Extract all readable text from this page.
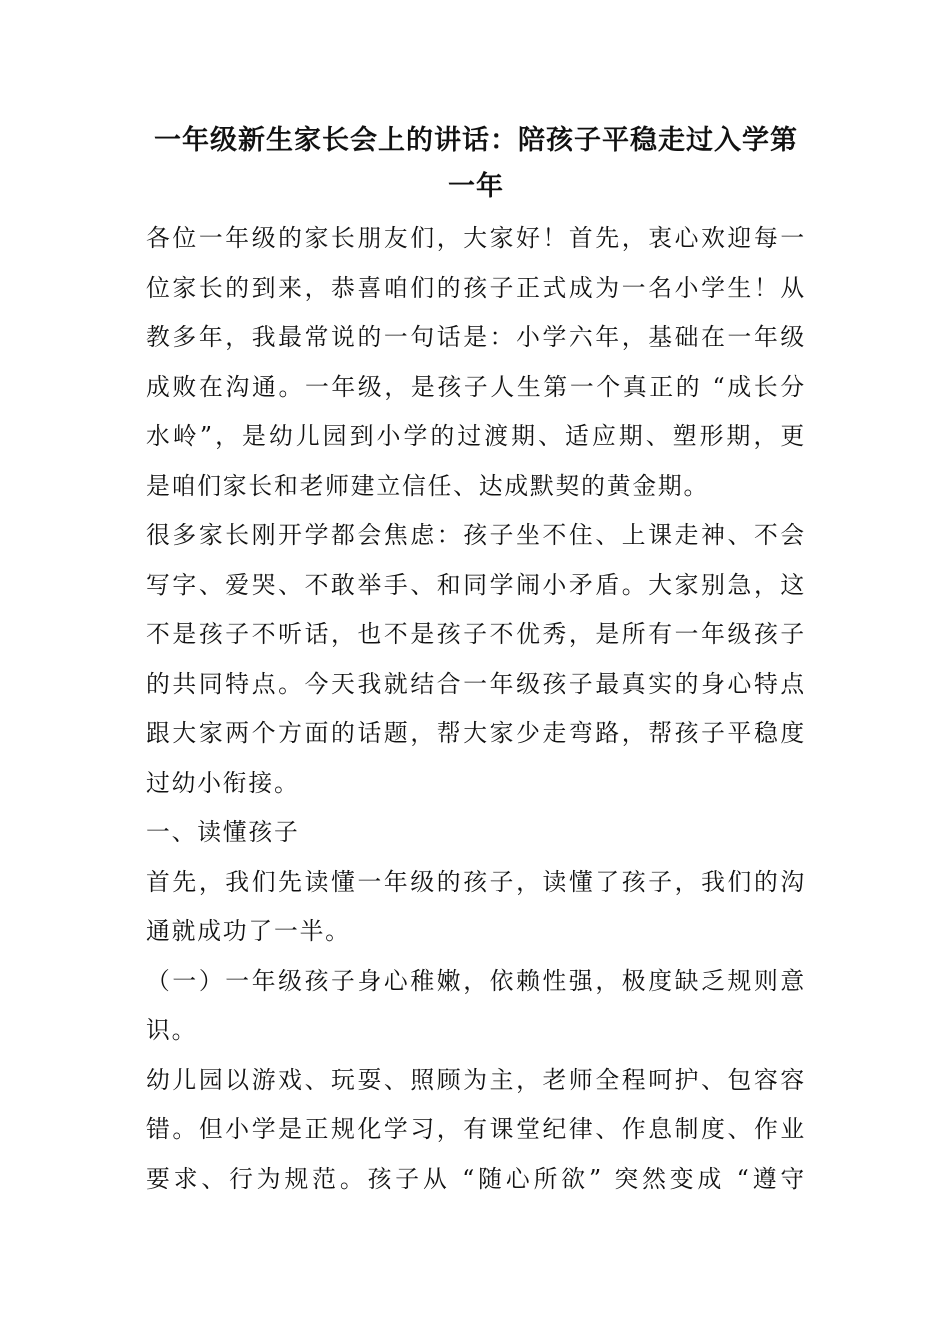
一年级新生家长会上的讲话：陪孩子平稳走过入学第
一年

各位一年级的家长朋友们，大家好！首先，衷心欢迎每一
位家长的到来，恭喜咱们的孩子正式成为一名小学生！从
教多年，我最常说的一句话是：小学六年，基础在一年级
成败在沟通。一年级，是孩子人生第一个真正的 “成长分
水岭”，是幼儿园到小学的过渡期、适应期、塑形期，更
是咱们家长和老师建立信任、达成默契的黄金期。

很多家长刚开学都会焦虑：孩子坐不住、上课走神、不会
写字、爱哭、不敢举手、和同学闹小矛盾。大家别急，这
不是孩子不听话，也不是孩子不优秀，是所有一年级孩子
的共同特点。今天我就结合一年级孩子最真实的身心特点
跟大家两个方面的话题，帮大家少走弯路，帮孩子平稳度
过幼小衔接。

一、读懂孩子

首先，我们先读懂一年级的孩子，读懂了孩子，我们的沟
通就成功了一半。

（一）一年级孩子身心稚嫩，依赖性强，极度缺乏规则意
识。

幼儿园以游戏、玩耍、照顾为主，老师全程呵护、包容容
错。但小学是正规化学习，有课堂纪律、作息制度、作业
要求、行为规范。孩子从 “随心所欲” 突然变成 “遵守
